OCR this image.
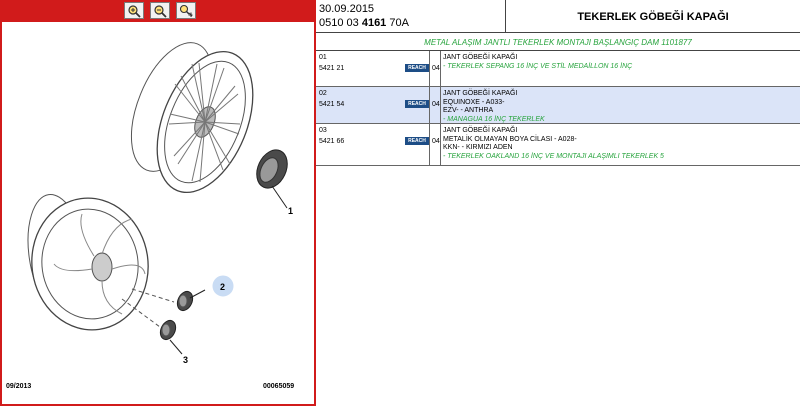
1
2
3
09/2013	00065059
30.09.2015
0510 03 4161 70A
TEKERLEK GÖBEĞİ KAPAĞI
METAL ALAŞIM JANTLI TEKERLEK MONTAJI BAŞLANGIÇ DAM 1101877
01
5421 21	REACH 04
JANT GÖBEĞİ KAPAĞI
- TEKERLEK SEPANG 16 İNÇ VE STİL MEDAİLLON 16 İNÇ
02
5421 54	REACH 04
JANT GÖBEĞİ KAPAĞI
EQUINOXE - A033-
EZV- - ANTHRA
- MANAGUA 16 İNÇ TEKERLEK
03
5421 66	REACH 04
JANT GÖBEĞİ KAPAĞI
METALİK OLMAYAN BOYA CİLASI - A028-
KKN- - KIRMIZI ADEN
- TEKERLEK OAKLAND 16 İNÇ VE MONTAJI ALAŞIMLI TEKERLEK 5
